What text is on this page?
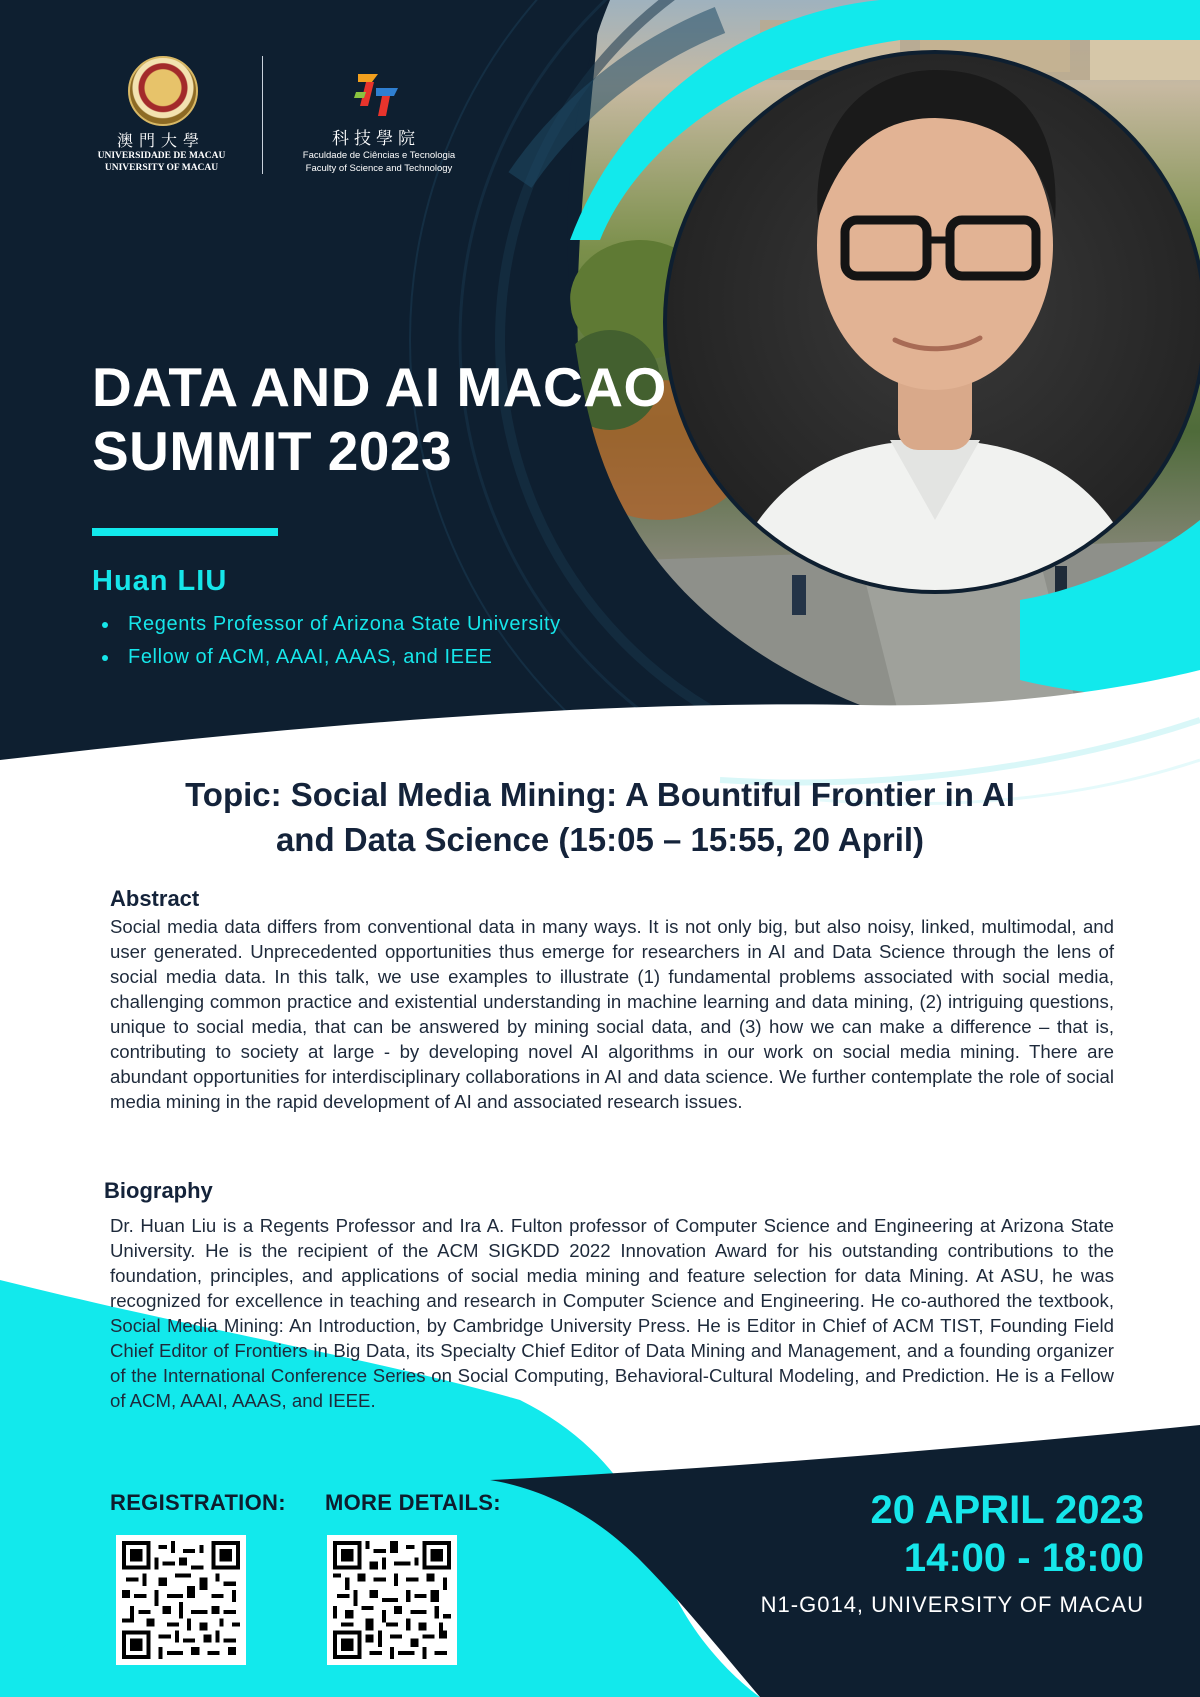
澳門大學
UNIVERSIDADE DE MACAU
UNIVERSITY OF MACAU
科技學院
Faculdade de Ciências e Tecnologia
Faculty of Science and Technology
DATA AND AI MACAO
SUMMIT 2023
Huan LIU
Regents Professor of Arizona State University
Fellow of ACM, AAAI, AAAS, and IEEE
Topic: Social Media Mining: A Bountiful Frontier in AI
and Data Science (15:05 – 15:55, 20 April)
Abstract

Social media data differs from conventional data in many ways. It is not only big, but also noisy, linked, multimodal, and user generated. Unprecedented opportunities thus emerge for researchers in AI and Data Science through the lens of social media data. In this talk, we use examples to illustrate (1) fundamental problems associated with social media, challenging common practice and existential understanding in machine learning and data mining, (2) intriguing questions, unique to social media, that can be answered by mining social data, and (3) how we can make a difference – that is, contributing to society at large - by developing novel AI algorithms in our work on social media mining. There are abundant opportunities for interdisciplinary collaborations in AI and data science. We further contemplate the role of social media mining in the rapid development of AI and associated research issues.

Biography

Dr. Huan Liu is a Regents Professor and Ira A. Fulton professor of Computer Science and Engineering at Arizona State University. He is the recipient of the ACM SIGKDD 2022 Innovation Award for his outstanding contributions to the foundation, principles, and applications of social media mining and feature selection for data Mining. At ASU, he was recognized for excellence in teaching and research in Computer Science and Engineering. He co-authored the textbook, Social Media Mining: An Introduction, by Cambridge University Press. He is Editor in Chief of ACM TIST, Founding Field Chief Editor of Frontiers in Big Data, its Specialty Chief Editor of Data Mining and Management, and a founding organizer of the International Conference Series on Social Computing, Behavioral-Cultural Modeling, and Prediction. He is a Fellow of ACM, AAAI, AAAS, and IEEE.

REGISTRATION: MORE DETAILS:	20 APRIL 2023
14:00 - 18:00
N1-G014, UNIVERSITY OF MACAU
